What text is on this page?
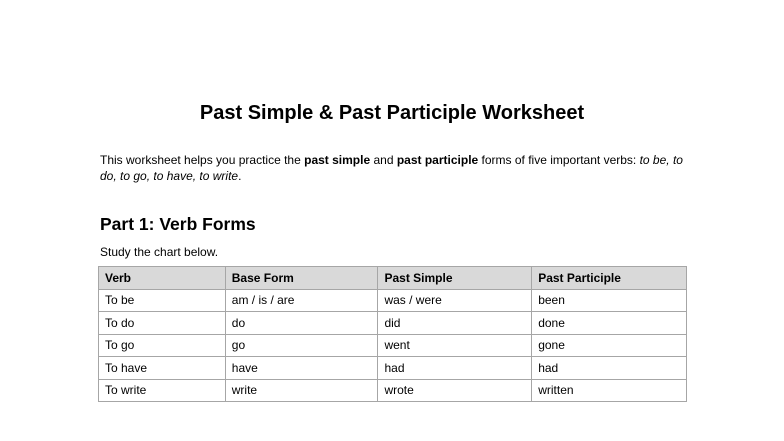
Past Simple & Past Participle Worksheet

This worksheet helps you practice the past simple and past participle forms of five important verbs: to be, to do, to go, to have, to write.

Part 1: Verb Forms

Study the chart below.

Verb	Base Form	Past Simple	Past Participle
To be	am / is / are	was / were	been
To do	do	did	done
To go	go	went	gone
To have	have	had	had
To write	write	wrote	written
